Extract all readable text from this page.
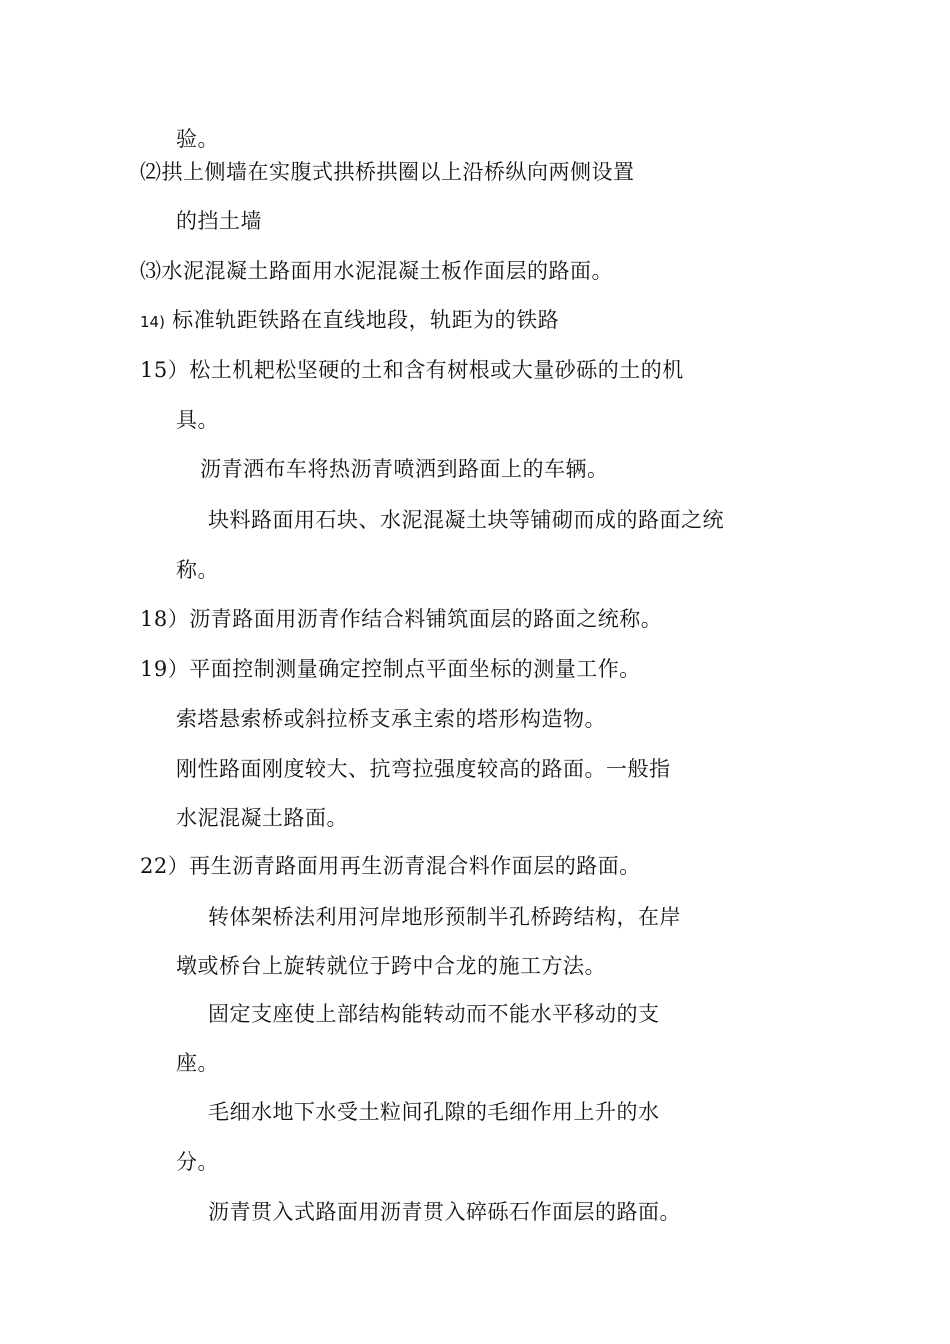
验。
⑵拱上侧墙在实腹式拱桥拱圈以上沿桥纵向两侧设置
的挡土墙
⑶水泥混凝土路面用水泥混凝土板作面层的路面。
14) 标准轨距铁路在直线地段，轨距为的铁路
15）松土机耙松坚硬的土和含有树根或大量砂砾的土的机
具。
沥青洒布车将热沥青喷洒到路面上的车辆。
块料路面用石块、水泥混凝土块等铺砌而成的路面之统
称。
18）沥青路面用沥青作结合料铺筑面层的路面之统称。
19）平面控制测量确定控制点平面坐标的测量工作。
索塔悬索桥或斜拉桥支承主索的塔形构造物。
刚性路面刚度较大、抗弯拉强度较高的路面。一般指
水泥混凝土路面。
22）再生沥青路面用再生沥青混合料作面层的路面。
转体架桥法利用河岸地形预制半孔桥跨结构，在岸
墩或桥台上旋转就位于跨中合龙的施工方法。
固定支座使上部结构能转动而不能水平移动的支
座。
毛细水地下水受土粒间孔隙的毛细作用上升的水
分。
沥青贯入式路面用沥青贯入碎砾石作面层的路面。
